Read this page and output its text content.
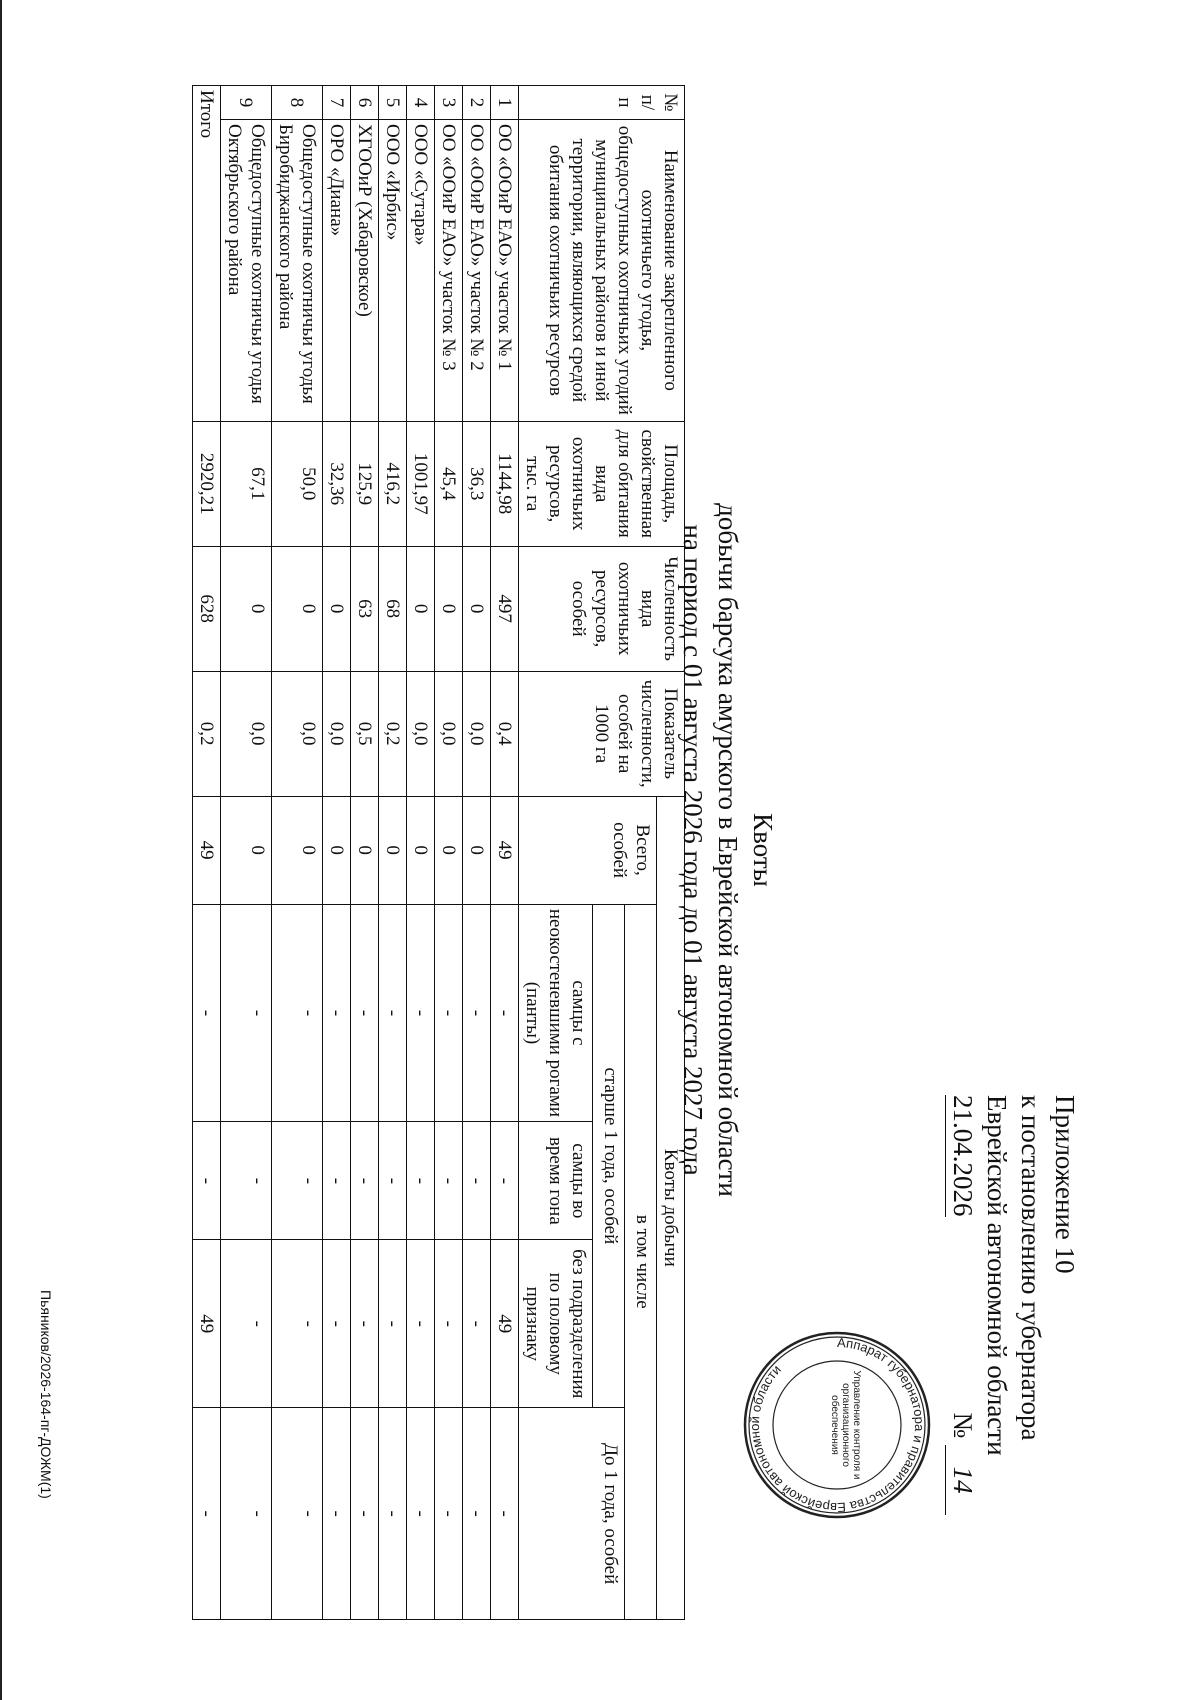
Приложение 10
к постановлению губернатора
Еврейской автономной области
21.04.2026
№ 14
Аппарат губернатора и правительства Еврейской автономной области
Управление контроля и организационного обеспечения
Квоты
добычи барсука амурского в Еврейской автономной области
на период с 01 августа 2026 года до 01 августа 2027 года
№ п/п	Наименование закрепленного охотничьего угодья, общедоступных охотничьих угодий муниципальных районов и иной территории, являющихся средой обитания охотничьих ресурсов	Площадь, свойственная для обитания вида охотничьих ресурсов, тыс. га	Численность вида охотничьих ресурсов, особей	Показатель численности, особей на 1000 га	Квоты добычи				
					Всего, особей	в том числе			
						старше 1 года, особей			До 1 года, особей
						самцы с неокостеневшими рогами (панты)	самцы во время гона	без подразделения по половому признаку	
1	ОО «ООиР ЕАО» участок № 1	1144,98	497	0,4	49	-	-	49	-
2	ОО «ООиР ЕАО» участок № 2	36,3	0	0,0	0	-	-	-	-
3	ОО «ООиР ЕАО» участок № 3	45,4	0	0,0	0	-	-	-	-
4	ООО «Сутара»	1001,97	0	0,0	0	-	-	-	-
5	ООО «Ирбис»	416,2	68	0,2	0	-	-	-	-
6	ХГООиР (Хабаровское)	125,9	63	0,5	0	-	-	-	-
7	ОРО «Диана»	32,36	0	0,0	0	-	-	-	-
8	Общедоступные охотничьи угодья Биробиджанского района	50,0	0	0,0	0	-	-	-	-
9	Общедоступные охотничьи угодья Октябрьского района	67,1	0	0,0	0	-	-	-	-
Итого		2920,21	628	0,2	49	-	-	49	-
Пьяников/2026-164-пг-ДОЖМ(1)
